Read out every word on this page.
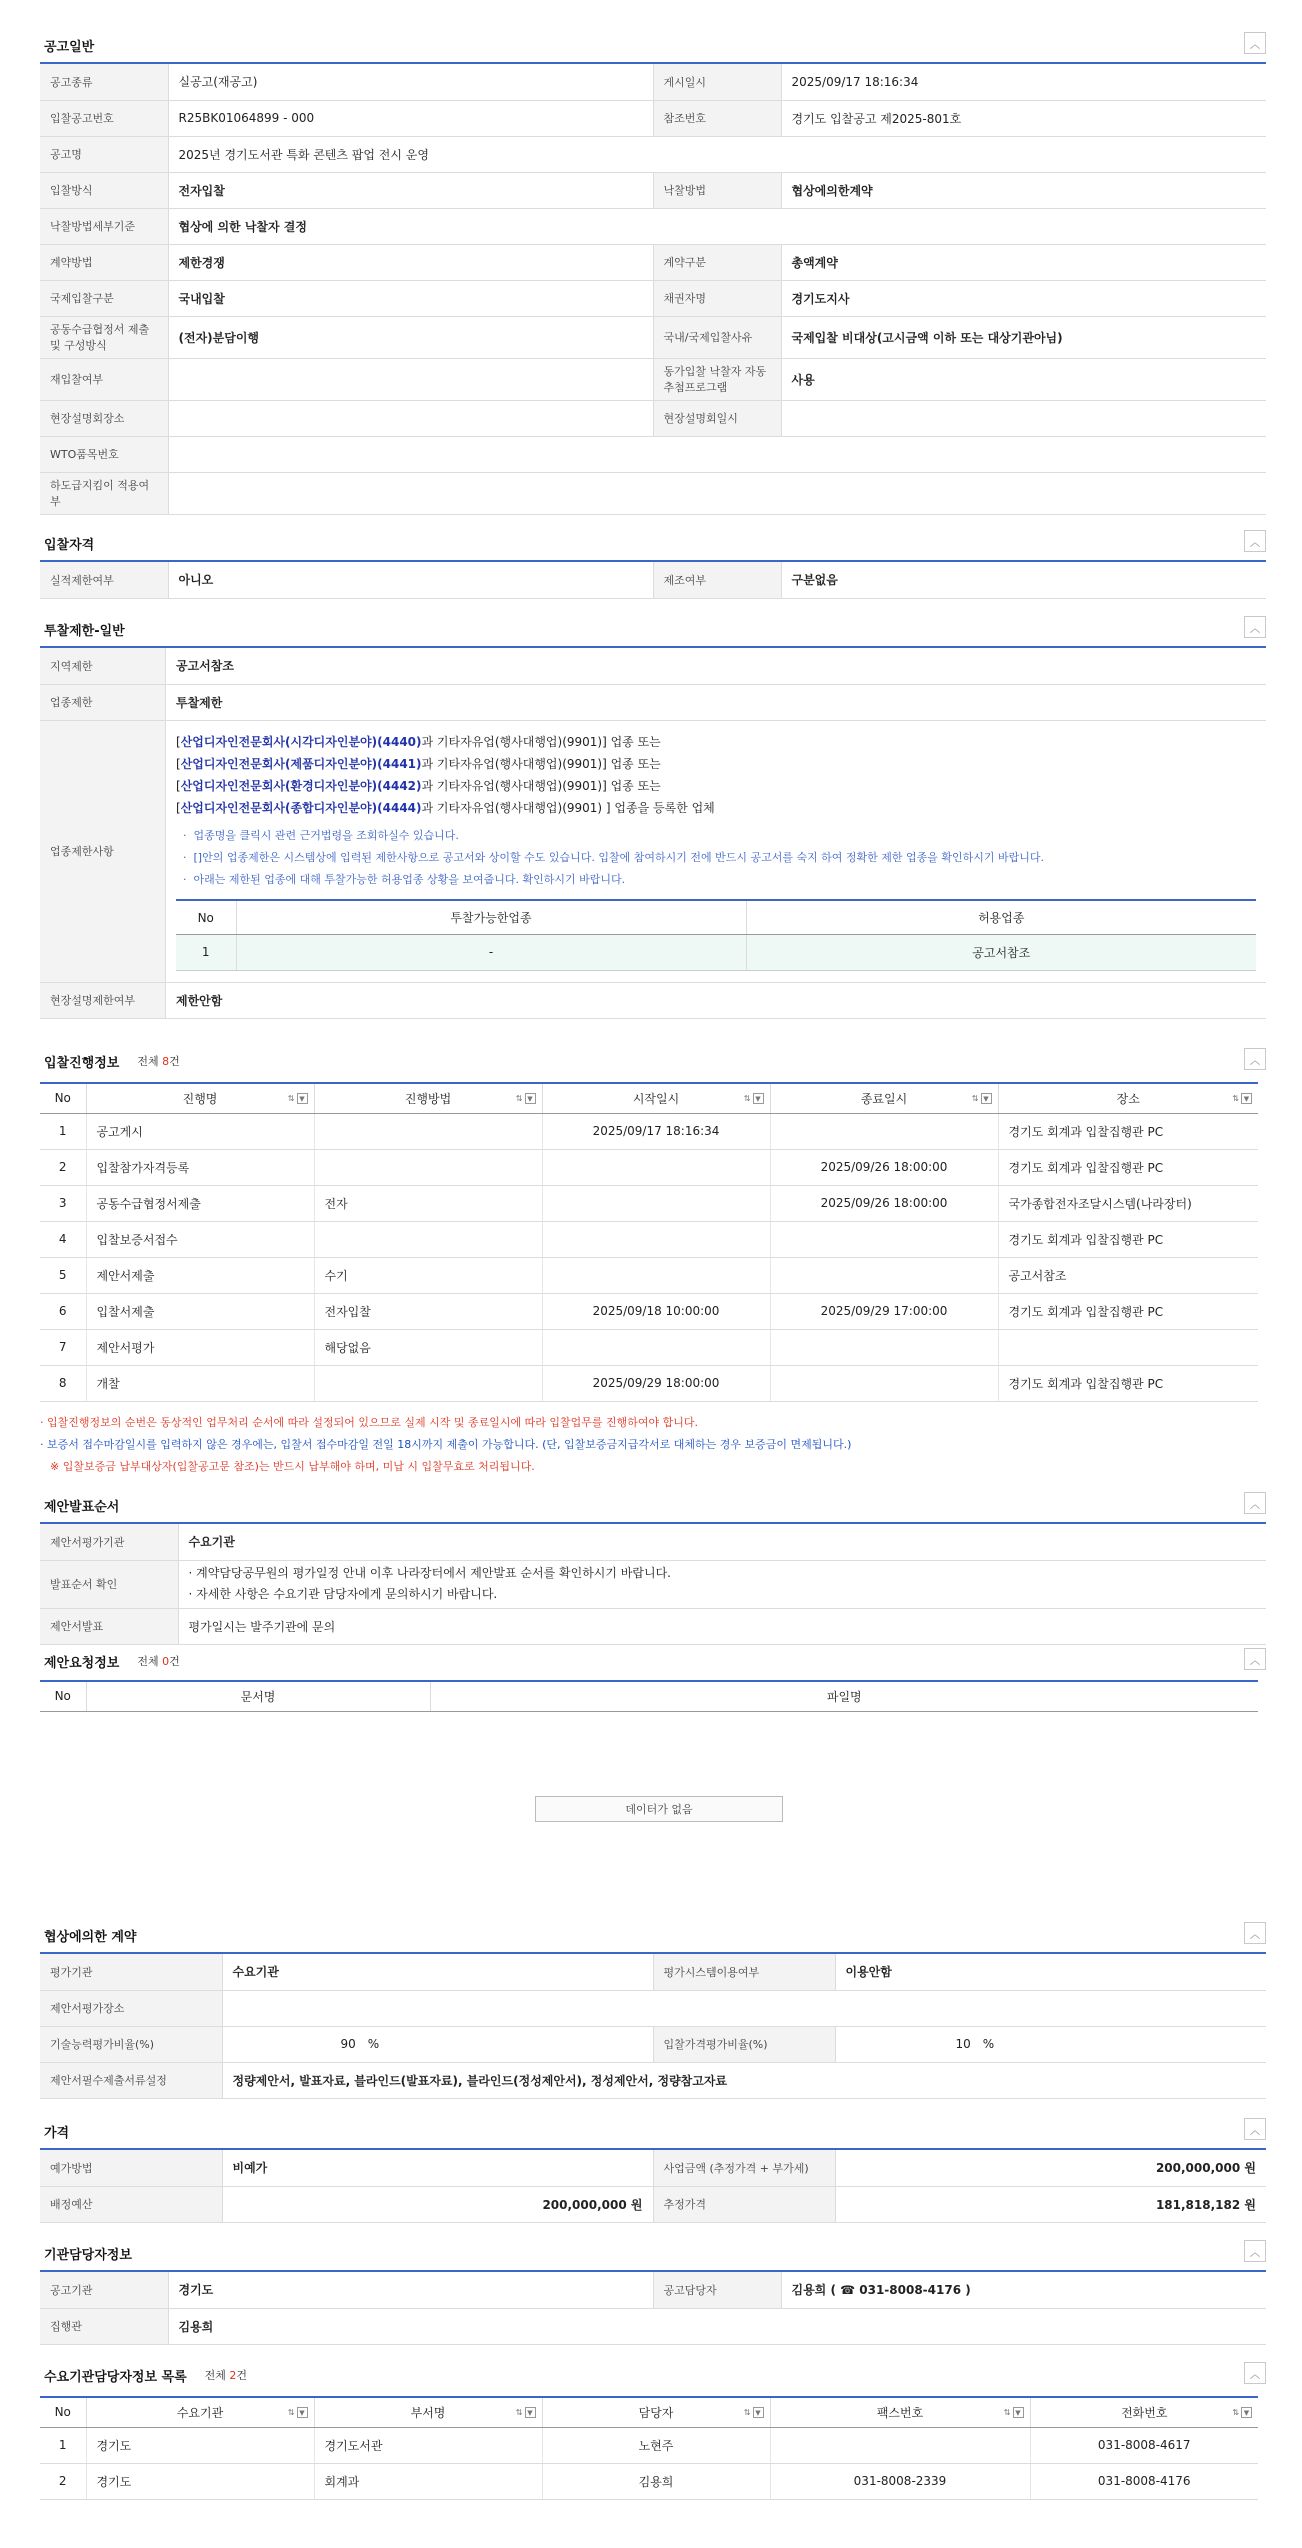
공고일반	︿
공고종류	실공고(재공고)	게시일시	2025/09/17 18:16:34
입찰공고번호	R25BK01064899 - 000	참조번호	경기도 입찰공고 제2025-801호
공고명	2025년 경기도서관 특화 콘텐츠 팝업 전시 운영		
입찰방식	전자입찰	낙찰방법	협상에의한계약
낙찰방법세부기준	협상에 의한 낙찰자 결정		
계약방법	제한경쟁	계약구분	총액계약
국제입찰구분	국내입찰	채권자명	경기도지사
공동수급협정서 제출 및 구성방식	(전자)분담이행	국내/국제입찰사유	국제입찰 비대상(고시금액 이하 또는 대상기관아님)
재입찰여부		동가입찰 낙찰자 자동추첨프로그램	사용
현장설명회장소		현장설명회일시	
WTO품목번호			
하도급지킴이 적용여부			
입찰자격	︿
실적제한여부	아니오	제조여부	구분없음
투찰제한-일반	︿
지역제한	공고서참조
업종제한	투찰제한
업종제한사항	
[산업디자인전문회사(시각디자인분야)(4440)과 기타자유업(행사대행업)(9901)] 업종 또는
[산업디자인전문회사(제품디자인분야)(4441)과 기타자유업(행사대행업)(9901)] 업종 또는
[산업디자인전문회사(환경디자인분야)(4442)과 기타자유업(행사대행업)(9901)] 업종 또는
[산업디자인전문회사(종합디자인분야)(4444)과 기타자유업(행사대행업)(9901) ] 업종을 등록한 업체
·  업종명을 클릭시 관련 근거법령을 조회하실수 있습니다.
·  []안의 업종제한은 시스템상에 입력된 제한사항으로 공고서와 상이할 수도 있습니다. 입찰에 참여하시기 전에 반드시 공고서를 숙지 하여 정확한 제한 업종을 확인하시기 바랍니다.
·  아래는 제한된 업종에 대해 투찰가능한 허용업종 상황을 보여줍니다. 확인하시기 바랍니다.
No	투찰가능한업종	허용업종
1	-	공고서참조

현장설명제한여부	제한안함
입찰진행정보 전체 8건	︿
No	진행명 ⇅ ▼	진행방법 ⇅ ▼	시작일시 ⇅ ▼	종료일시 ⇅ ▼	장소 ⇅ ▼

1	공고게시		2025/09/17 18:16:34		경기도 회계과 입찰집행관 PC
2	입찰참가자격등록			2025/09/26 18:00:00	경기도 회계과 입찰집행관 PC
3	공동수급협정서제출	전자		2025/09/26 18:00:00	국가종합전자조달시스템(나라장터)
4	입찰보증서접수				경기도 회계과 입찰집행관 PC
5	제안서제출	수기			공고서참조
6	입찰서제출	전자입찰	2025/09/18 10:00:00	2025/09/29 17:00:00	경기도 회계과 입찰집행관 PC
7	제안서평가	해당없음			
8	개찰		2025/09/29 18:00:00		경기도 회계과 입찰집행관 PC
· 입찰진행정보의 순번은 동상적인 업무처리 순서에 따라 설정되어 있으므로 실제 시작 및 종료일시에 따라 입찰업무를 진행하여야 합니다.
· 보증서 접수마감일시를 입력하지 않은 경우에는, 입찰서 접수마감일 전일 18시까지 제출이 가능합니다. (단, 입찰보증금지급각서로 대체하는 경우 보증금이 면제됩니다.)
※ 입찰보증금 납부대상자(입찰공고문 참조)는 반드시 납부해야 하며, 미납 시 입찰무효로 처리됩니다.
제안발표순서	︿
제안서평가기관	수요기관
발표순서 확인	· 계약담당공무원의 평가일정 안내 이후 나라장터에서 제안발표 순서를 확인하시기 바랍니다.
· 자세한 사항은 수요기관 담당자에게 문의하시기 바랍니다.

제안서발표	평가일시는 발주기관에 문의
제안요청정보 전체 0건	︿
No	문서명	파일명
데이터가 없음
협상에의한 계약	︿
평가기관	수요기관	평가시스템이용여부	이용안함
제안서평가장소			
기술능력평가비율(%)	90 %	입찰가격평가비율(%)	10 %
제안서필수제출서류설정	정량제안서, 발표자료, 블라인드(발표자료), 블라인드(정성제안서), 정성제안서, 정량참고자료		
가격	︿
예가방법	비예가	사업금액 (추정가격 + 부가세)	200,000,000 원
배정예산	200,000,000 원	추정가격	181,818,182 원
기관담당자정보	︿
공고기관	경기도	공고담당자	김용희 ( ☎ 031-8008-4176 )
집행관	김용희		
수요기관담당자정보 목록 전체 2건	︿
No	수요기관 ⇅ ▼	부서명 ⇅ ▼	담당자 ⇅ ▼	팩스번호 ⇅ ▼	전화번호 ⇅ ▼

1	경기도	경기도서관	노현주		031-8008-4617
2	경기도	회계과	김용희	031-8008-2339	031-8008-4176
